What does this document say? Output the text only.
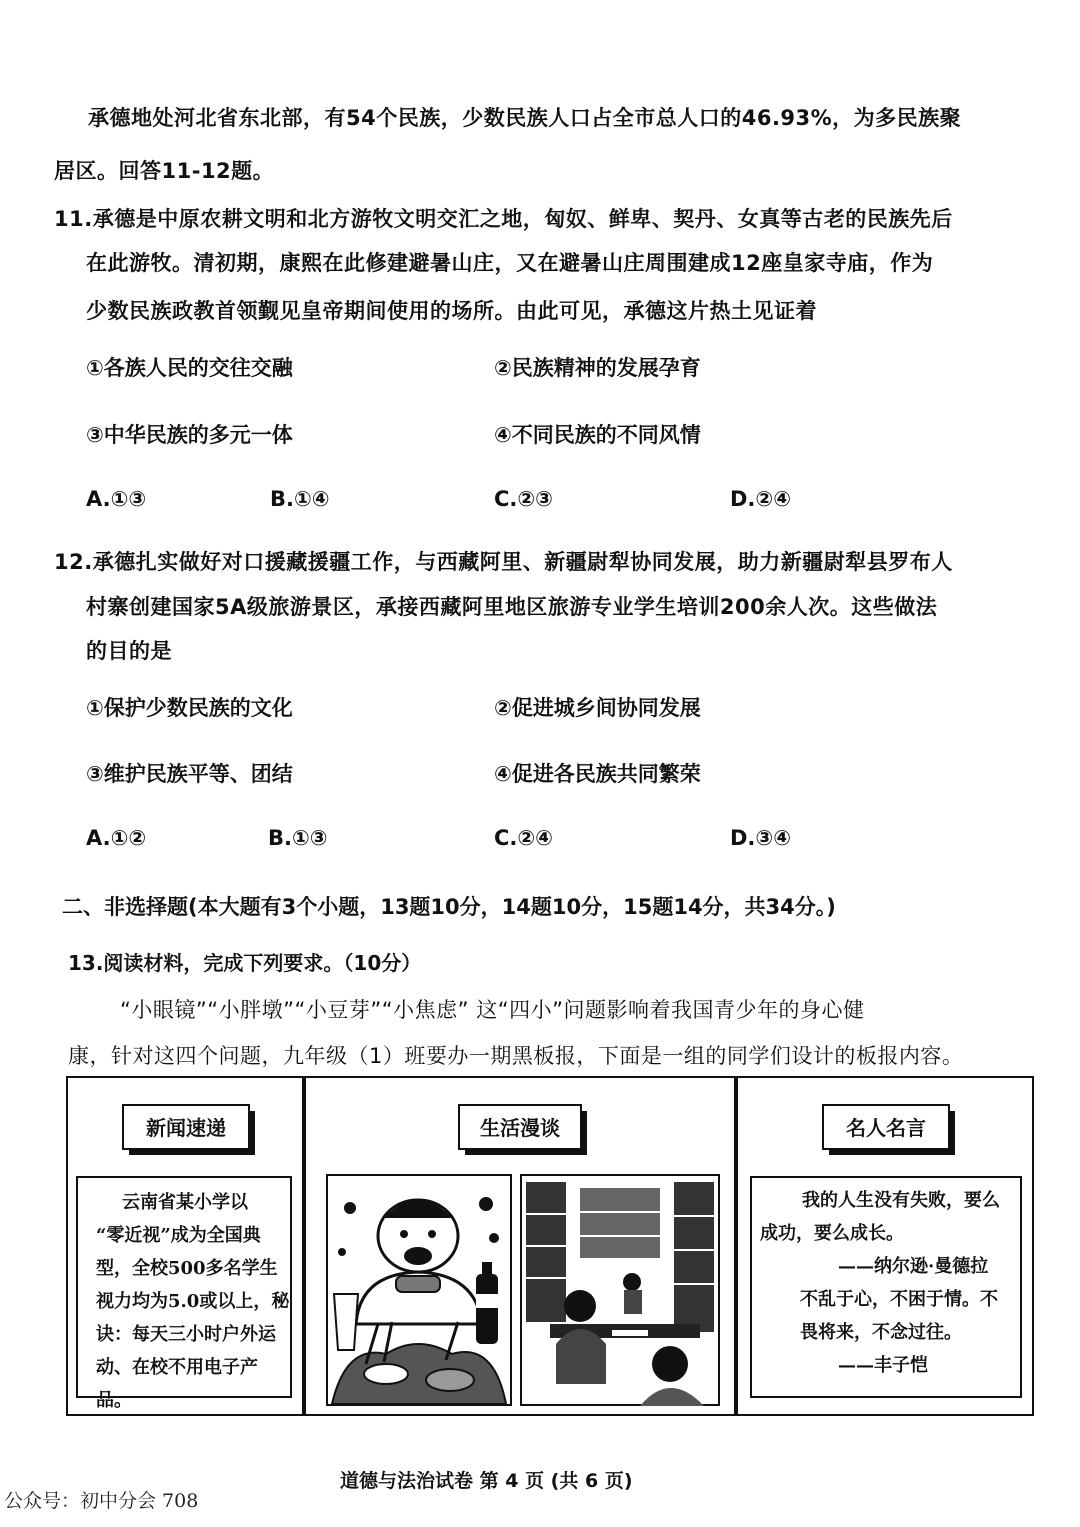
承德地处河北省东北部，有54个民族，少数民族人口占全市总人口的46.93%，为多民族聚
居区。回答11-12题。
11.承德是中原农耕文明和北方游牧文明交汇之地，匈奴、鲜卑、契丹、女真等古老的民族先后
在此游牧。清初期，康熙在此修建避暑山庄，又在避暑山庄周围建成12座皇家寺庙，作为
少数民族政教首领觐见皇帝期间使用的场所。由此可见，承德这片热土见证着
①各族人民的交往交融	②民族精神的发展孕育
③中华民族的多元一体	④不同民族的不同风情
A.①③	B.①④	C.②③	D.②④
12.承德扎实做好对口援藏援疆工作，与西藏阿里、新疆尉犁协同发展，助力新疆尉犁县罗布人
村寨创建国家5A级旅游景区，承接西藏阿里地区旅游专业学生培训200余人次。这些做法
的目的是
①保护少数民族的文化	②促进城乡间协同发展
③维护民族平等、团结	④促进各民族共同繁荣
A.①②	B.①③	C.②④	D.③④
二、非选择题(本大题有3个小题，13题10分，14题10分，15题14分，共34分。)
13.阅读材料，完成下列要求。（10分）
“小眼镜”“小胖墩”“小豆芽”“小焦虑” 这“四小”问题影响着我国青少年的身心健
康，针对这四个问题，九年级（1）班要办一期黑板报，下面是一组的同学们设计的板报内容。
新闻速递
云南省某小学以
“零近视”成为全国典
型，全校500多名学生
视力均为5.0或以上，秘
诀：每天三小时户外运
动、在校不用电子产品。
生活漫谈	名人名言
我的人生没有失败，要么
成功，要么成长。
——纳尔逊·曼德拉
不乱于心，不困于情。不
畏将来，不念过往。
——丰子恺
道德与法治试卷 第 4 页 (共 6 页)
公众号：初中分会 708
